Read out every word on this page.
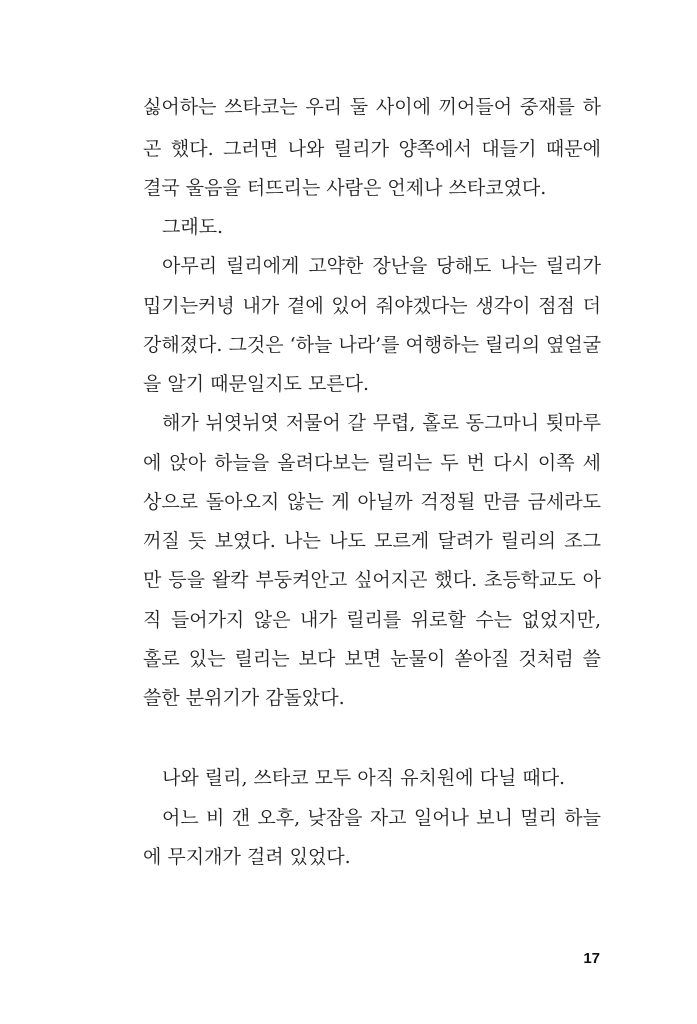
싫어하는 쓰타코는 우리 둘 사이에 끼어들어 중재를 하
곤 했다. 그러면 나와 릴리가 양쪽에서 대들기 때문에
결국 울음을 터뜨리는 사람은 언제나 쓰타코였다.
그래도.
아무리 릴리에게 고약한 장난을 당해도 나는 릴리가
밉기는커녕 내가 곁에 있어 줘야겠다는 생각이 점점 더
강해졌다. 그것은 ‘하늘 나라’를 여행하는 릴리의 옆얼굴
을 알기 때문일지도 모른다.
해가 뉘엿뉘엿 저물어 갈 무렵, 홀로 동그마니 툇마루
에 앉아 하늘을 올려다보는 릴리는 두 번 다시 이쪽 세
상으로 돌아오지 않는 게 아닐까 걱정될 만큼 금세라도
꺼질 듯 보였다. 나는 나도 모르게 달려가 릴리의 조그
만 등을 왈칵 부둥켜안고 싶어지곤 했다. 초등학교도 아
직 들어가지 않은 내가 릴리를 위로할 수는 없었지만,
홀로 있는 릴리는 보다 보면 눈물이 쏟아질 것처럼 쓸
쓸한 분위기가 감돌았다.
나와 릴리, 쓰타코 모두 아직 유치원에 다닐 때다.
어느 비 갠 오후, 낮잠을 자고 일어나 보니 멀리 하늘
에 무지개가 걸려 있었다.
17
